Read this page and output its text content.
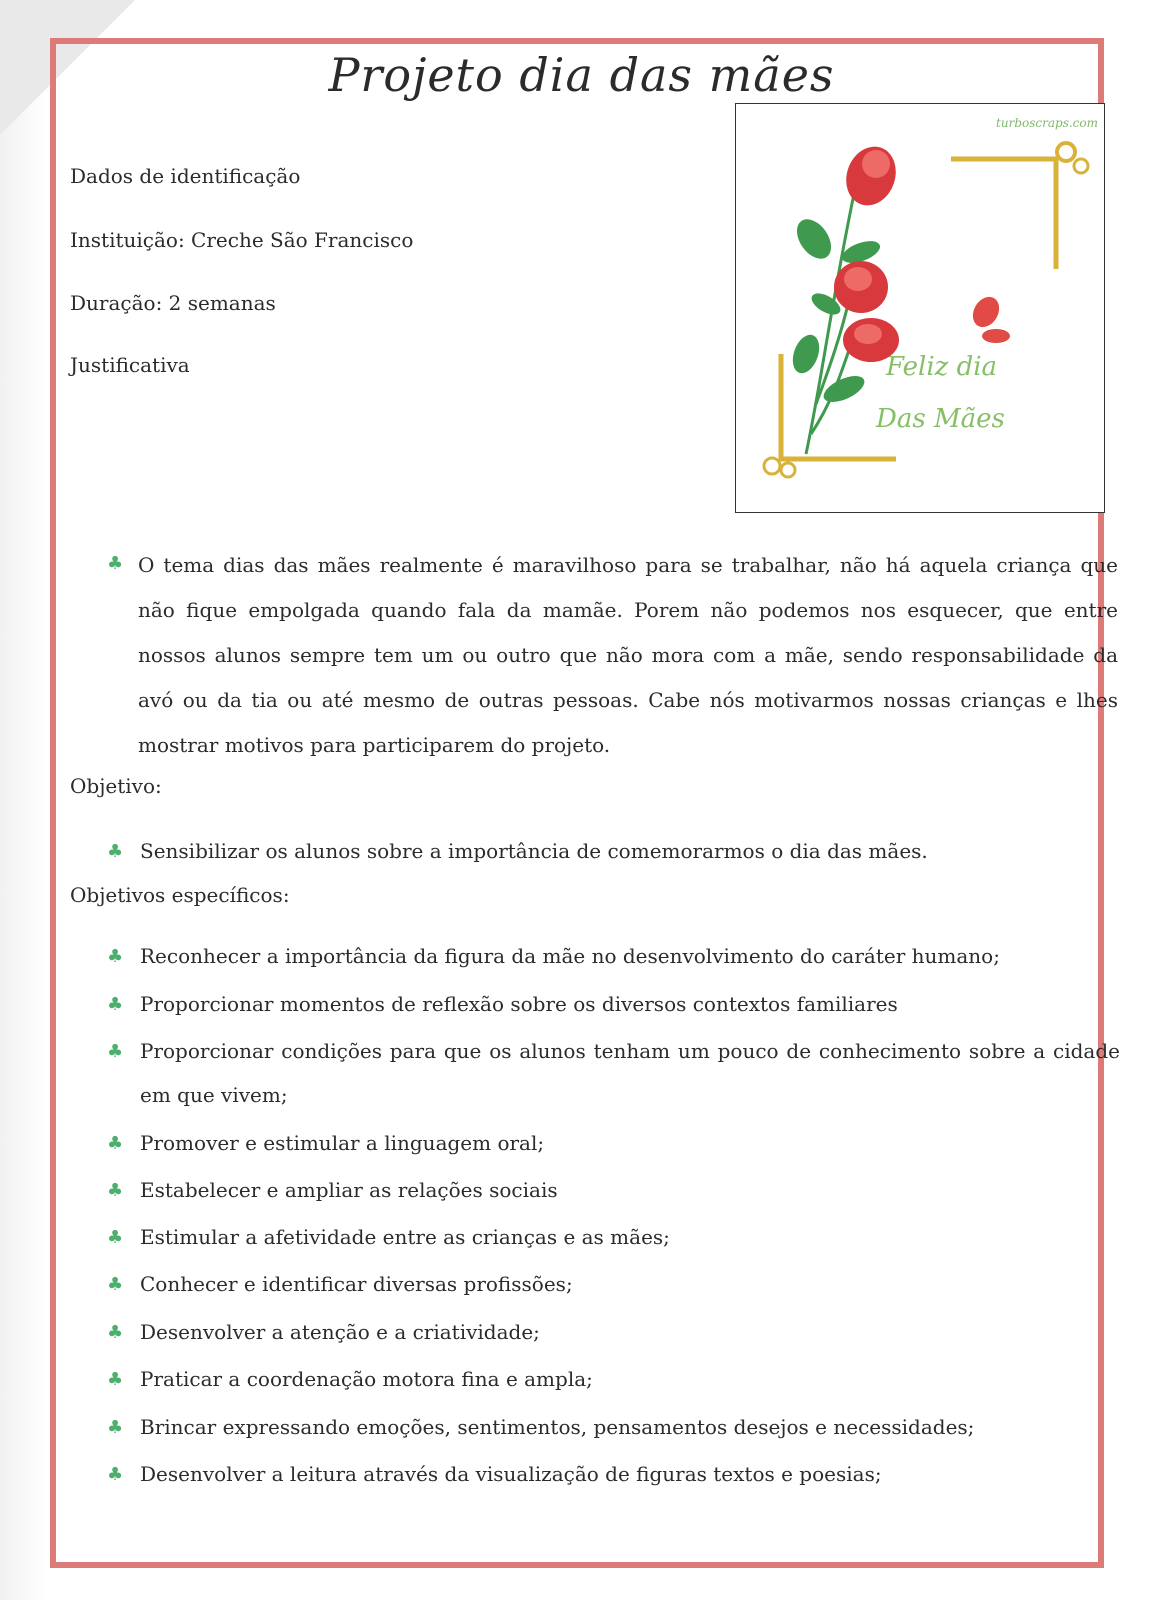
Projeto dia das mães
Dados de identificação
Instituição: Creche São Francisco
Duração: 2 semanas
Justificativa
turboscraps.com
Feliz dia
Das Mães
♣ O tema dias das mães realmente é maravilhoso para se trabalhar, não há aquela criança que não fique empolgada quando fala da mamãe. Porem não podemos nos esquecer, que entre nossos alunos sempre tem um ou outro que não mora com a mãe, sendo responsabilidade da avó ou da tia ou até mesmo de outras pessoas. Cabe nós motivarmos nossas crianças e lhes mostrar motivos para participarem do projeto.
Objetivo:
♣ Sensibilizar os alunos sobre a importância de comemorarmos o dia das mães.
Objetivos específicos:
♣ Reconhecer a importância da figura da mãe no desenvolvimento do caráter humano;
♣ Proporcionar momentos de reflexão sobre os diversos contextos familiares
♣ Proporcionar condições para que os alunos tenham um pouco de conhecimento sobre a cidade em que vivem;
♣ Promover e estimular a linguagem oral;
♣ Estabelecer e ampliar as relações sociais
♣ Estimular a afetividade entre as crianças e as mães;
♣ Conhecer e identificar diversas profissões;
♣ Desenvolver a atenção e a criatividade;
♣ Praticar a coordenação motora fina e ampla;
♣ Brincar expressando emoções, sentimentos, pensamentos desejos e necessidades;
♣ Desenvolver a leitura através da visualização de figuras textos e poesias;
